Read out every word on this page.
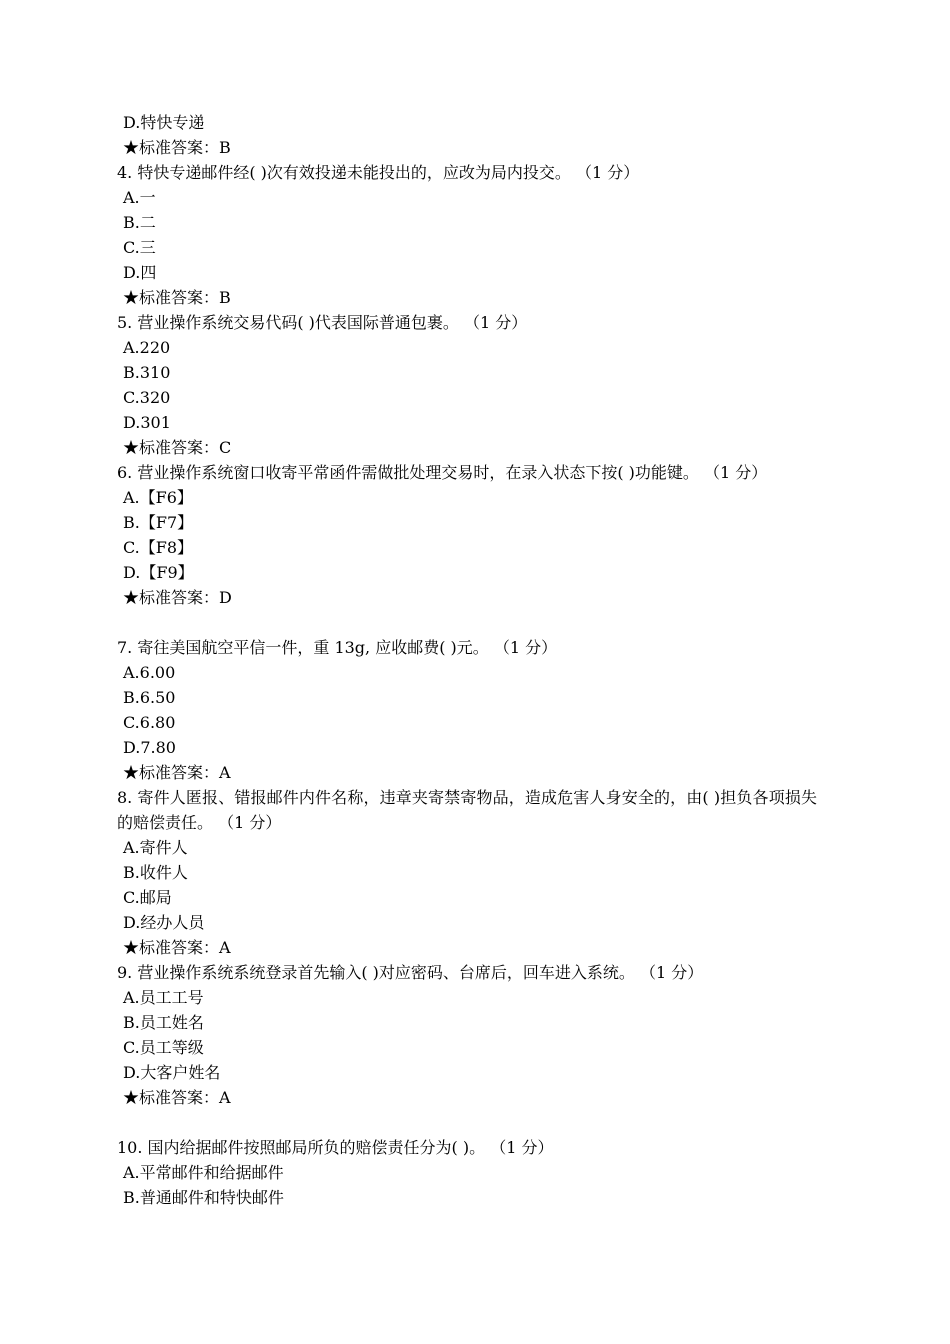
D.特快专递
★标准答案：B
4. 特快专递邮件经( )次有效投递未能投出的，应改为局内投交。 （1 分）
A.一
B.二
C.三
D.四
★标准答案：B
5. 营业操作系统交易代码( )代表国际普通包裹。 （1 分）
A.220
B.310
C.320
D.301
★标准答案：C
6. 营业操作系统窗口收寄平常函件需做批处理交易时，在录入状态下按( )功能键。 （1 分）
A.【F6】
B.【F7】
C.【F8】
D.【F9】
★标准答案：D
7. 寄往美国航空平信一件，重 13g, 应收邮费( )元。 （1 分）
A.6.00
B.6.50
C.6.80
D.7.80
★标准答案：A
8. 寄件人匿报、错报邮件内件名称，违章夹寄禁寄物品，造成危害人身安全的，由( )担负各项损失的赔偿责任。 （1 分）
A.寄件人
B.收件人
C.邮局
D.经办人员
★标准答案：A
9. 营业操作系统系统登录首先输入( )对应密码、台席后，回车进入系统。 （1 分）
A.员工工号
B.员工姓名
C.员工等级
D.大客户姓名
★标准答案：A
10. 国内给据邮件按照邮局所负的赔偿责任分为( )。 （1 分）
A.平常邮件和给据邮件
B.普通邮件和特快邮件
